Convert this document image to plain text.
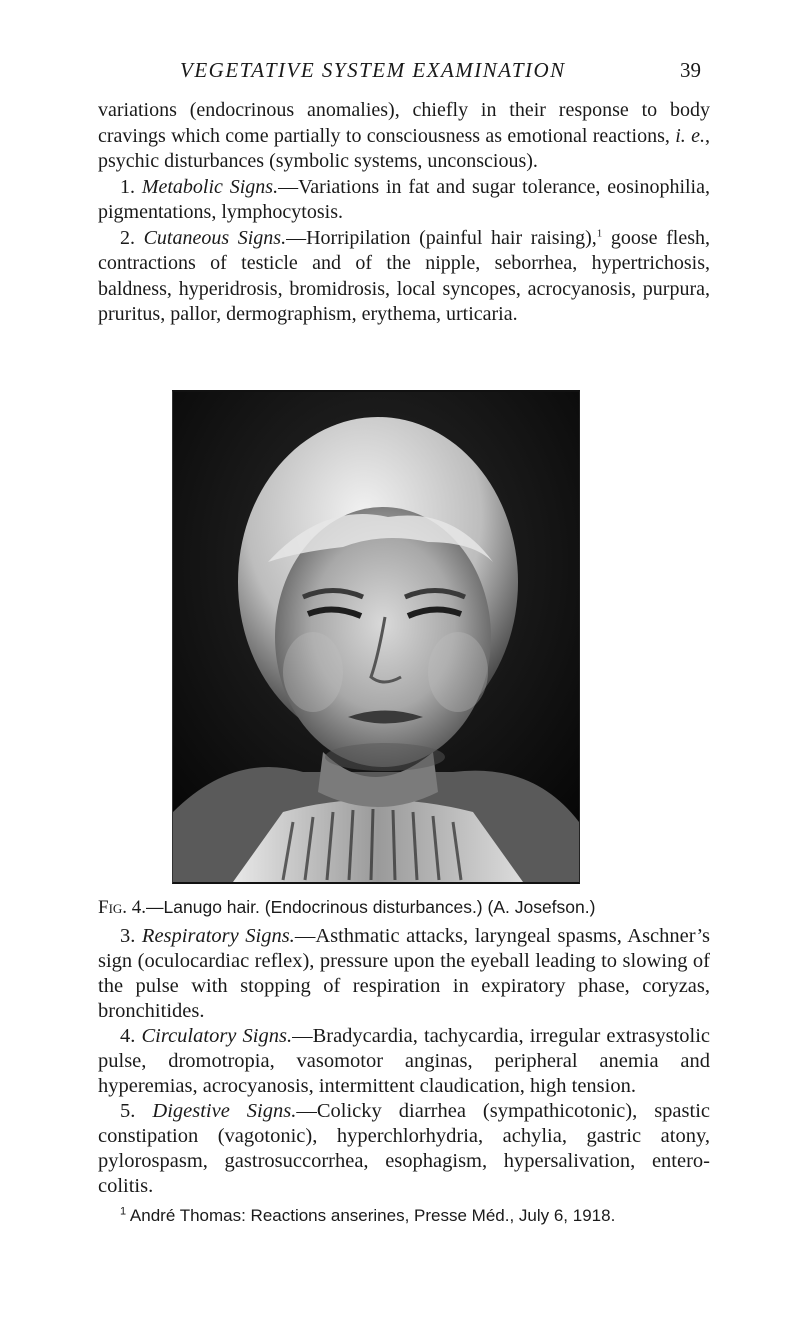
VEGETATIVE SYSTEM EXAMINATION	39

variations (endocrinous anomalies), chiefly in their response to body cravings which come partially to consciousness as emotional reactions, i. e., psychic disturbances (symbolic systems, unconscious).

1. Metabolic Signs.—Variations in fat and sugar tolerance, eosinophilia, pigmentations, lymphocytosis.

2. Cutaneous Signs.—Horripilation (painful hair raising),$^1$ goose flesh, contractions of testicle and of the nipple, seborrhea, hypertrichosis, baldness, hyperidrosis, bromidrosis, local syncopes, acrocyanosis, purpura, pruritus, pallor, dermographism, erythema, urticaria.

Fig. 4.—Lanugo hair. (Endocrinous disturbances.) (A. Josefson.)

3. Respiratory Signs.—Asthmatic attacks, laryngeal spasms, Aschner’s sign (oculocardiac reflex), pressure upon the eyeball leading to slowing of the pulse with stopping of respiration in expiratory phase, coryzas, bronchitides.

4. Circulatory Signs.—Bradycardia, tachycardia, irregular extrasystolic pulse, dromotropia, vasomotor anginas, peripheral anemia and hyperemias, acrocyanosis, intermittent claudication, high tension.

5. Digestive Signs.—Colicky diarrhea (sympathicotonic), spastic constipation (vagotonic), hyperchlorhydria, achylia, gastric atony, pylorospasm, gastrosuccorrhea, esophagism, hypersalivation, enterocolitis.

$^1$ André Thomas: Reactions anserines, Presse Méd., July 6, 1918.
